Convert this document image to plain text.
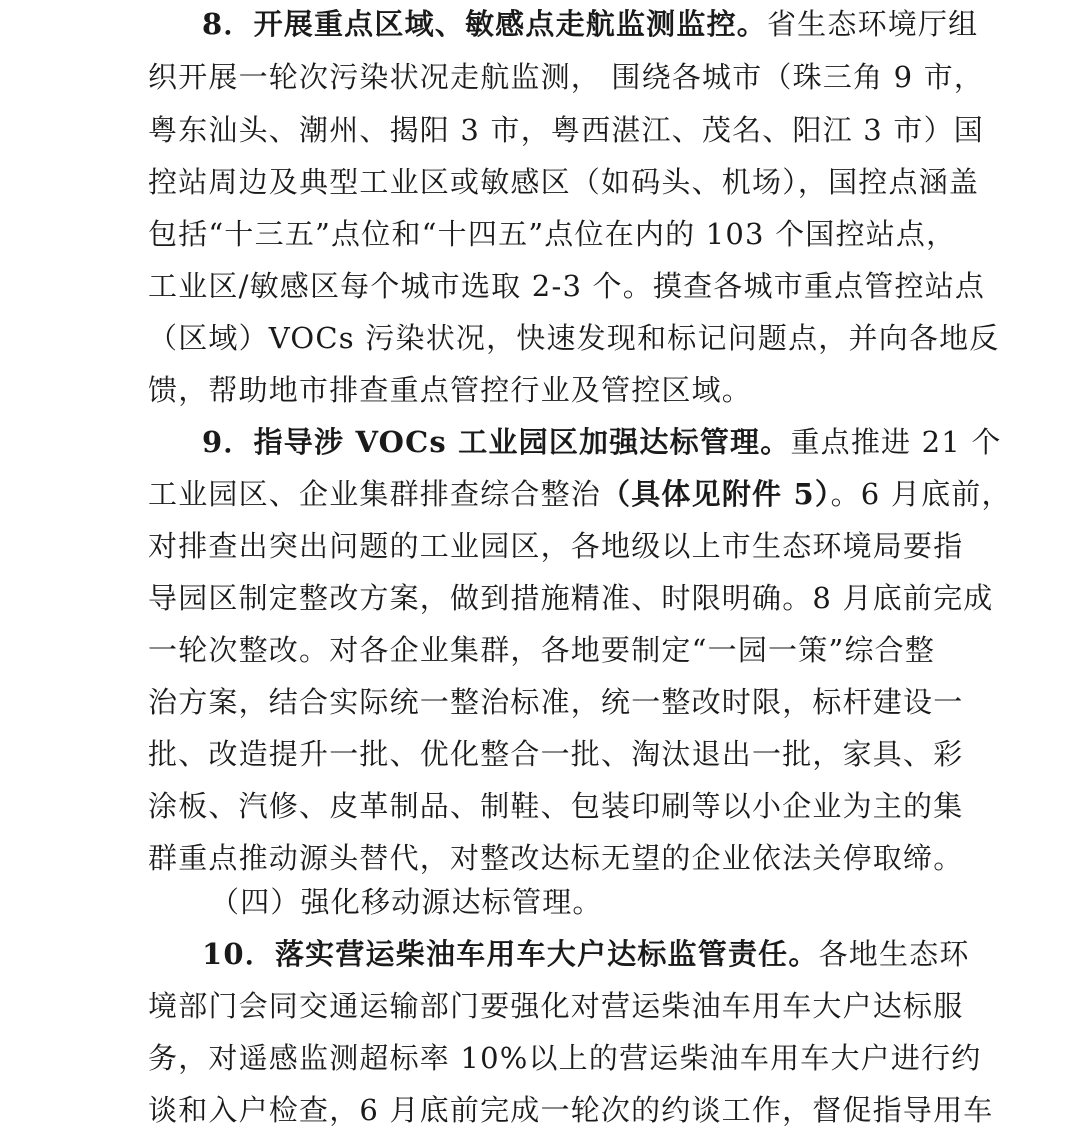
8．开展重点区域、敏感点走航监测监控。省生态环境厅组
织开展一轮次污染状况走航监测， 围绕各城市（珠三角 9 市，
粤东汕头、潮州、揭阳 3 市，粤西湛江、茂名、阳江 3 市）国
控站周边及典型工业区或敏感区（如码头、机场），国控点涵盖
包括“十三五”点位和“十四五”点位在内的 103 个国控站点，
工业区/敏感区每个城市选取 2-3 个。摸查各城市重点管控站点
（区域）VOCs 污染状况，快速发现和标记问题点，并向各地反
馈，帮助地市排查重点管控行业及管控区域。
9．指导涉 VOCs 工业园区加强达标管理。重点推进 21 个
工业园区、企业集群排查综合整治（具体见附件 5）。6 月底前，
对排查出突出问题的工业园区，各地级以上市生态环境局要指
导园区制定整改方案，做到措施精准、时限明确。8 月底前完成
一轮次整改。对各企业集群，各地要制定“一园一策”综合整
治方案，结合实际统一整治标准，统一整改时限，标杆建设一
批、改造提升一批、优化整合一批、淘汰退出一批，家具、彩
涂板、汽修、皮革制品、制鞋、包装印刷等以小企业为主的集
群重点推动源头替代，对整改达标无望的企业依法关停取缔。
（四）强化移动源达标管理。
10．落实营运柴油车用车大户达标监管责任。各地生态环
境部门会同交通运输部门要强化对营运柴油车用车大户达标服
务，对遥感监测超标率 10%以上的营运柴油车用车大户进行约
谈和入户检查，6 月底前完成一轮次的约谈工作，督促指导用车
